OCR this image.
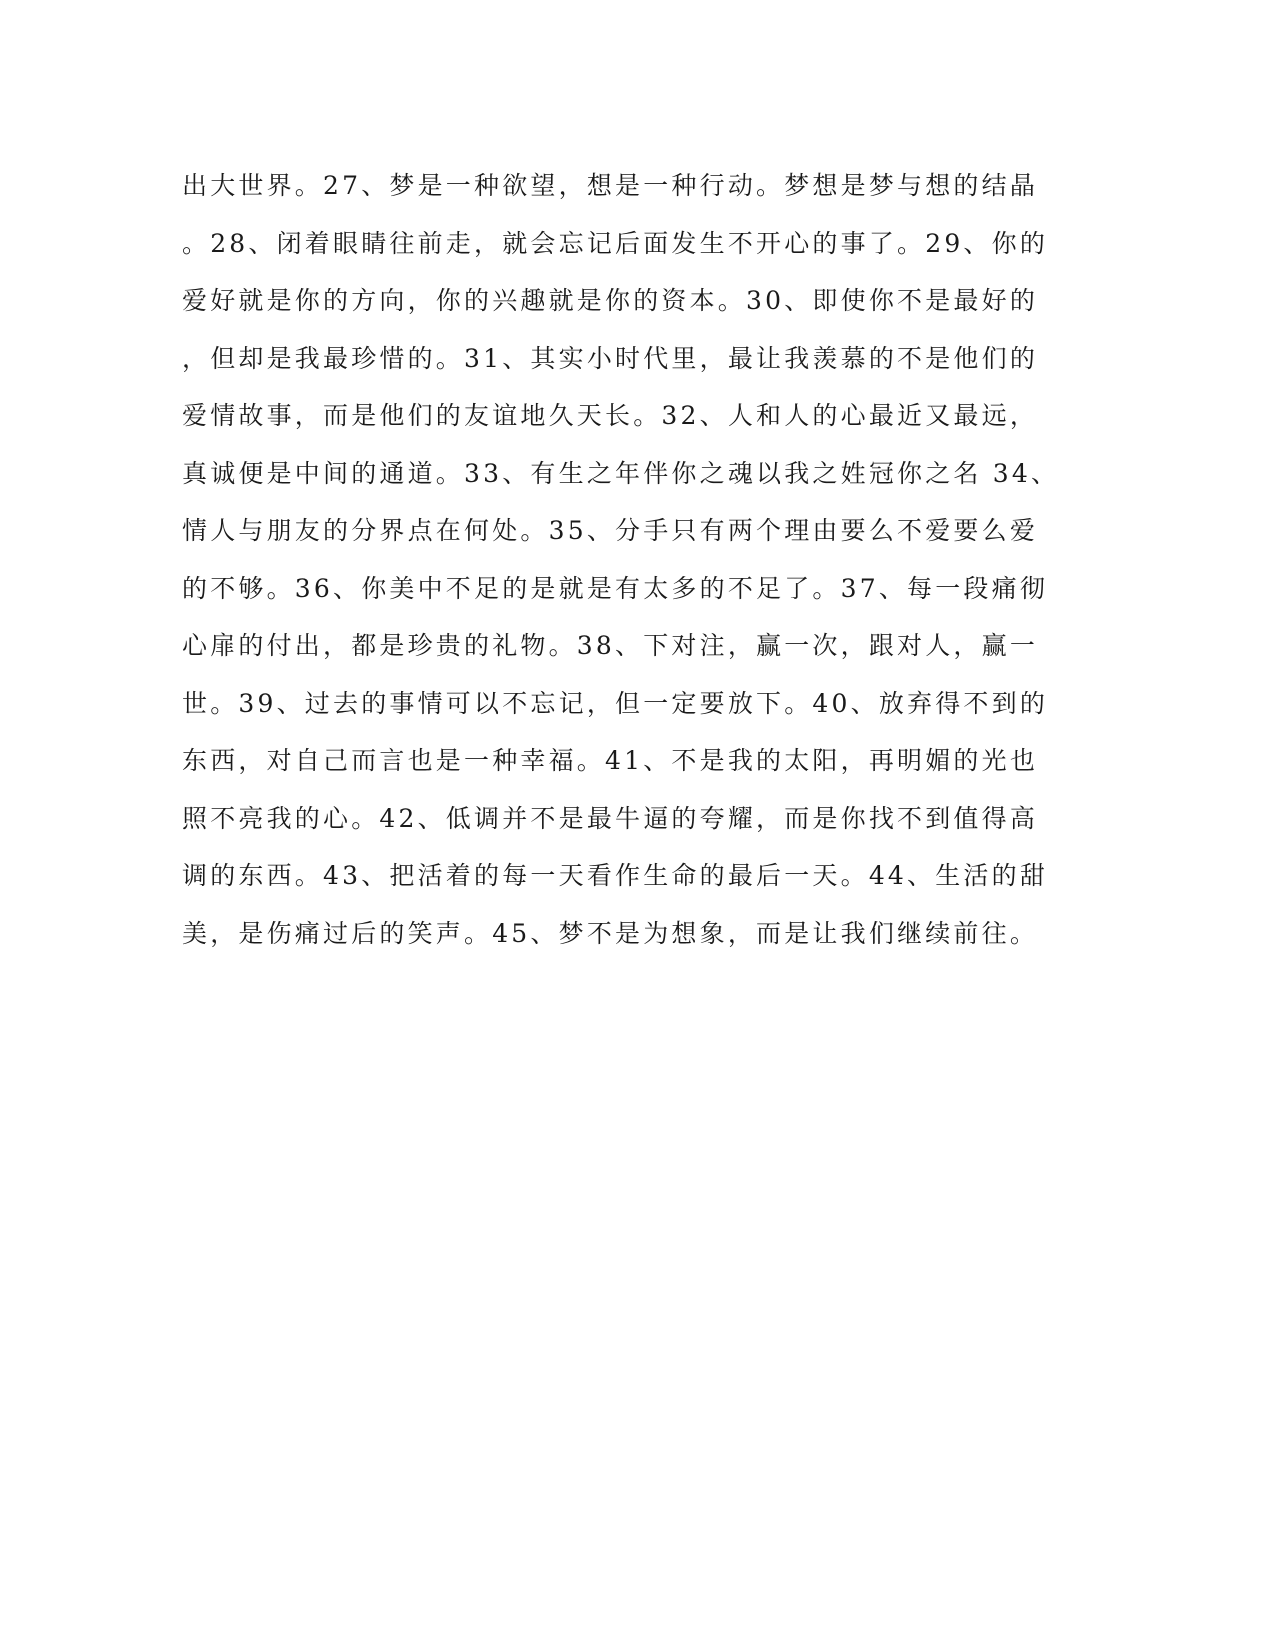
出大世界。27、梦是一种欲望，想是一种行动。梦想是梦与想的结晶
。28、闭着眼睛往前走，就会忘记后面发生不开心的事了。29、你的
爱好就是你的方向，你的兴趣就是你的资本。30、即使你不是最好的
，但却是我最珍惜的。31、其实小时代里，最让我羡慕的不是他们的
爱情故事，而是他们的友谊地久天长。32、人和人的心最近又最远，
真诚便是中间的通道。33、有生之年伴你之魂以我之姓冠你之名 34、
情人与朋友的分界点在何处。35、分手只有两个理由要么不爱要么爱
的不够。36、你美中不足的是就是有太多的不足了。37、每一段痛彻
心扉的付出，都是珍贵的礼物。38、下对注，赢一次，跟对人，赢一
世。39、过去的事情可以不忘记，但一定要放下。40、放弃得不到的
东西，对自己而言也是一种幸福。41、不是我的太阳，再明媚的光也
照不亮我的心。42、低调并不是最牛逼的夸耀，而是你找不到值得高
调的东西。43、把活着的每一天看作生命的最后一天。44、生活的甜
美，是伤痛过后的笑声。45、梦不是为想象，而是让我们继续前往。
